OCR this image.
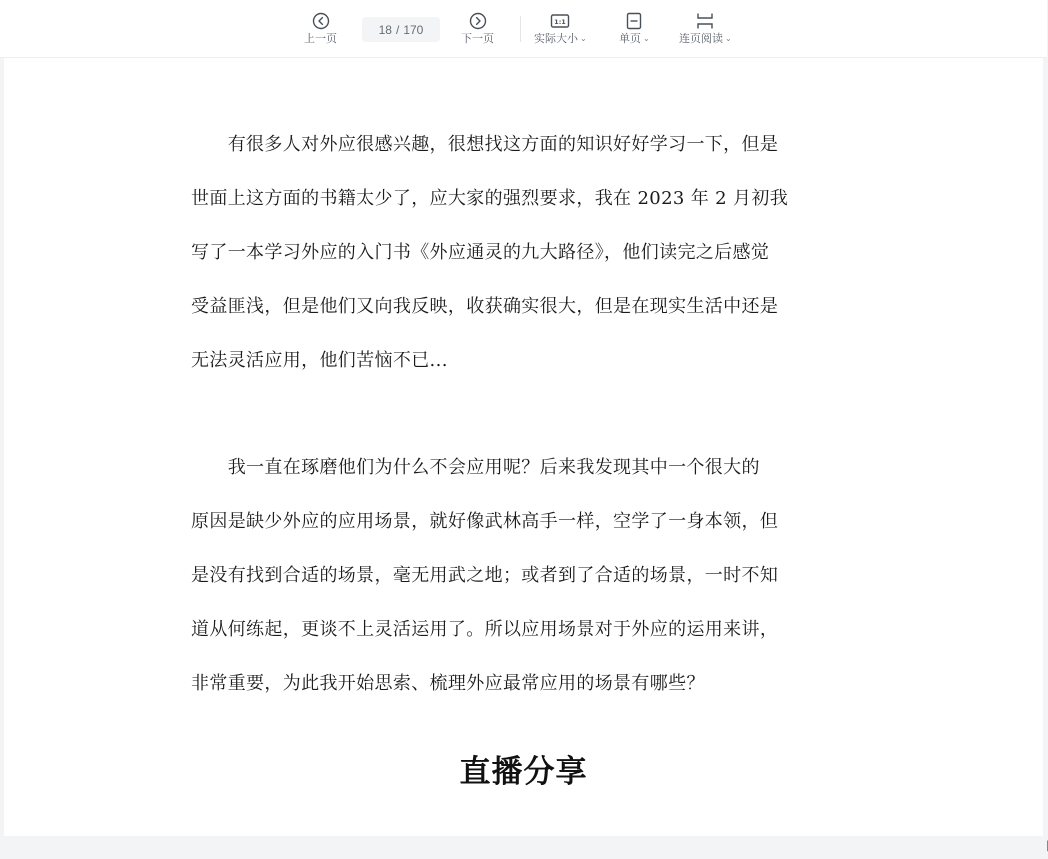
上一页
18 / 170
下一页
1:1
实际大小 ⌄	单页 ⌄	连页阅读 ⌄
　　有很多人对外应很感兴趣，很想找这方面的知识好好学习一下，但是
世面上这方面的书籍太少了，应大家的强烈要求，我在 2023 年 2 月初我
写了一本学习外应的入门书《外应通灵的九大路径》，他们读完之后感觉
受益匪浅，但是他们又向我反映，收获确实很大，但是在现实生活中还是
无法灵活应用，他们苦恼不已...
　　我一直在琢磨他们为什么不会应用呢？后来我发现其中一个很大的
原因是缺少外应的应用场景，就好像武林高手一样，空学了一身本领，但
是没有找到合适的场景，毫无用武之地；或者到了合适的场景，一时不知
道从何练起，更谈不上灵活运用了。所以应用场景对于外应的运用来讲，
非常重要，为此我开始思索、梳理外应最常应用的场景有哪些？
直播分享
▕
